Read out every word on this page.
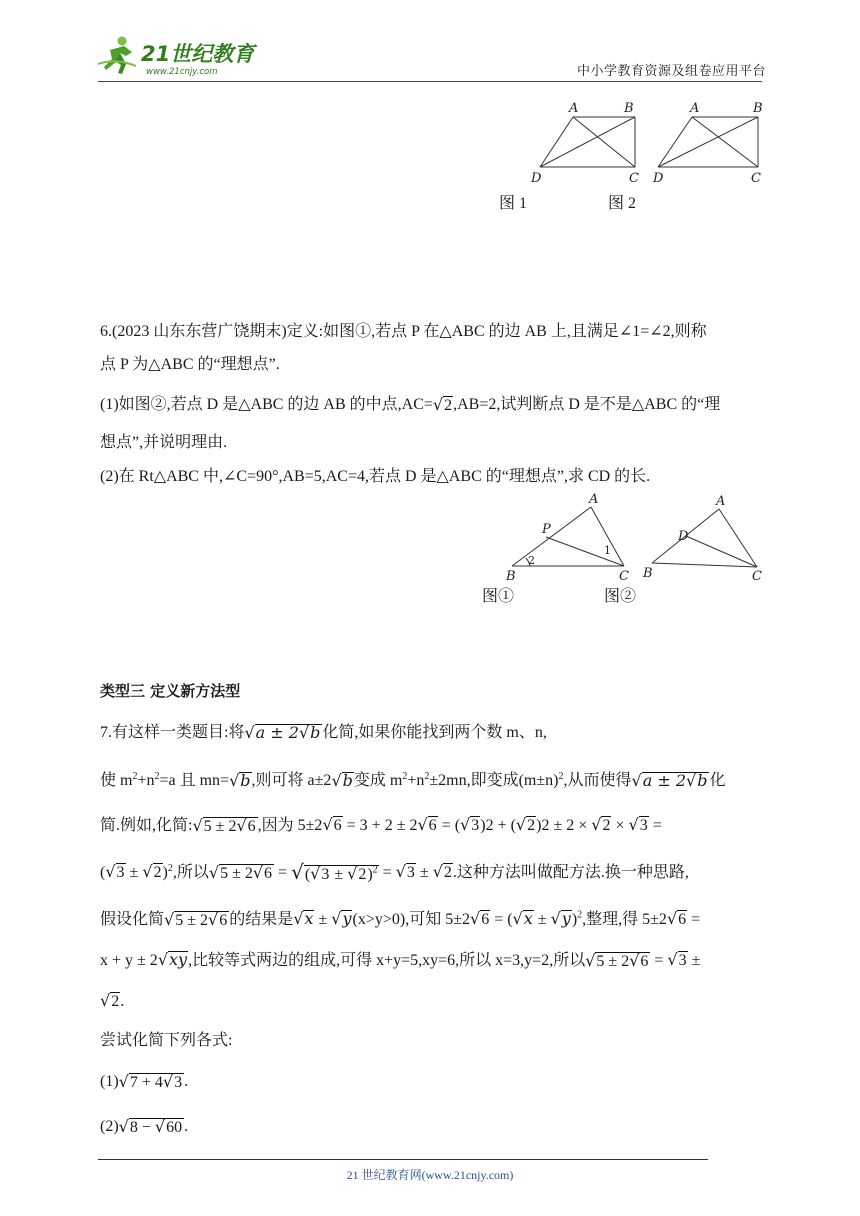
21世纪教育
www.21cnjy.com	中小学教育资源及组卷应用平台
A	B
D	C
A	B
D	C
图 1	图 2
6.(2023 山东东营广饶期末)定义:如图①,若点 P 在△ABC 的边 AB 上,且满足∠1=∠2,则称
点 P 为△ABC 的“理想点”.
(1)如图②,若点 D 是△ABC 的边 AB 的中点,AC=√2,AB=2,试判断点 D 是不是△ABC 的“理
想点”,并说明理由.
(2)在 Rt△ABC 中,∠C=90°,AB=5,AC=4,若点 D 是△ABC 的“理想点”,求 CD 的长.
A
P
B	C
A
D
B	C
1
2
图①	图②
类型三 定义新方法型
7.有这样一类题目:将√a ± 2√b 化简,如果你能找到两个数 m、n,
使 $m^2+n^2=a$ 且 mn=√b,则可将 a±2√b变成 $m^2+n^2\pm 2mn$,即变成$(m\pm n)^2$,从而使得√a ± 2√b 化
简.例如,化简:√5 ± 2√6 ,因为 5±2√6 = 3 + 2 ± 2√6 = (√3)2 + (√2)2 ± 2 × √2 × √3 =
$(√3 \pm √2)^2$,所以$√5 \pm 2√6 = √(√3 \pm √2)^2 = √3 \pm √2$.这种方法叫做配方法.换一种思路,
假设化简√5 ± 2√6 的结果是√x ± √y(x>y>0),可知 $5\pm 2√6 = (√x \pm √y)^2$,整理,得 5±2√6 =
x + y ± 2√xy,比较等式两边的组成,可得 x+y=5,xy=6,所以 x=3,y=2,所以√5 ± 2√6 = √3 ±
√2.
尝试化简下列各式:
(1)√7 + 4√3 .
(2)√8 − √60 .
21 世纪教育网(www.21cnjy.com)
